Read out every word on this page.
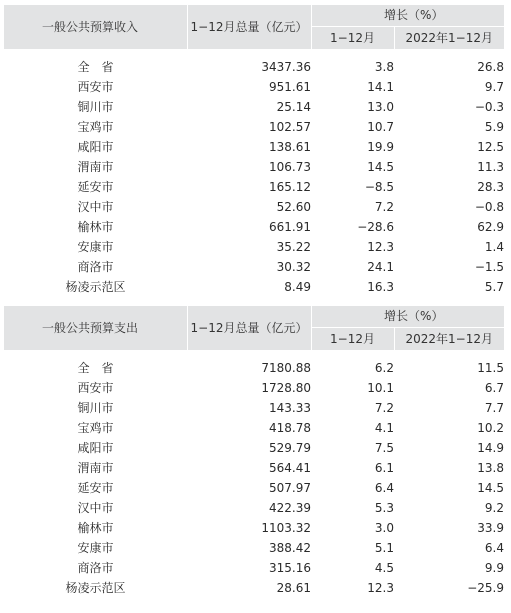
一般公共预算收入	1−12月总量（亿元）	增长（%）	
		1−12月	2022年1−12月

全　省	3437.36	3.8	26.8
西安市	951.61	14.1	9.7
铜川市	25.14	13.0	−0.3
宝鸡市	102.57	10.7	5.9
咸阳市	138.61	19.9	12.5
渭南市	106.73	14.5	11.3
延安市	165.12	−8.5	28.3
汉中市	52.60	7.2	−0.8
榆林市	661.91	−28.6	62.9
安康市	35.22	12.3	1.4
商洛市	30.32	24.1	−1.5
杨凌示范区	8.49	16.3	5.7
一般公共预算支出	1−12月总量（亿元）	增长（%）	
		1−12月	2022年1−12月

全　省	7180.88	6.2	11.5
西安市	1728.80	10.1	6.7
铜川市	143.33	7.2	7.7
宝鸡市	418.78	4.1	10.2
咸阳市	529.79	7.5	14.9
渭南市	564.41	6.1	13.8
延安市	507.97	6.4	14.5
汉中市	422.39	5.3	9.2
榆林市	1103.32	3.0	33.9
安康市	388.42	5.1	6.4
商洛市	315.16	4.5	9.9
杨凌示范区	28.61	12.3	−25.9
